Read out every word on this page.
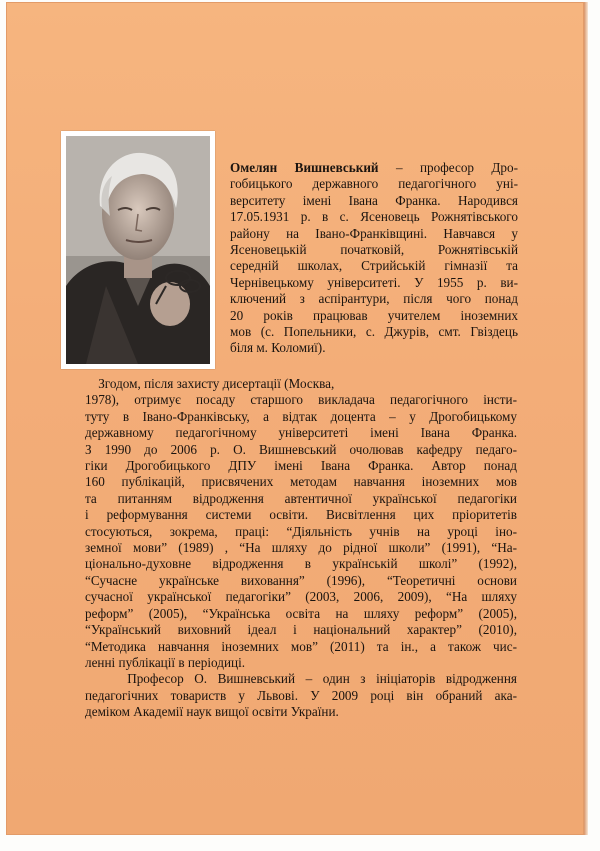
Омелян Вишневський – професор Дро-
гобицького державного педагогічного уні-
верситету імені Івана Франка. Народився
17.05.1931 р. в с. Ясеновець Рожнятівського
району на Івано-Франківщині. Навчався у
Ясеновецькій початковій, Рожнятівській
середній школах, Стрийській гімназії та
Чернівецькому університеті. У 1955 р. ви-
ключений з аспірантури, після чого понад
20 років працював учителем іноземних
мов (с. Попельники, с. Джурів, смт. Гвіздець
біля м. Коломиї).
Згодом, після захисту дисертації (Москва,
1978), отримує посаду старшого викладача педагогічного інсти-
туту в Івано-Франківську, а відтак доцента – у Дрогобицькому
державному педагогічному університеті імені Івана Франка.
З 1990 до 2006 р. О. Вишневський очолював кафедру педаго-
гіки Дрогобицького ДПУ імені Івана Франка. Автор понад
160 публікацій, присвячених методам навчання іноземних мов
та питанням відродження автентичної української педагогіки
і реформування системи освіти. Висвітлення цих пріоритетів
стосуються, зокрема, праці: “Діяльність учнів на уроці іно-
земної мови” (1989) , “На шляху до рідної школи” (1991), “На-
ціонально-духовне відродження в українській школі” (1992),
“Сучасне українське виховання” (1996), “Теоретичні основи
сучасної української педагогіки” (2003, 2006, 2009), “На шляху
реформ” (2005), “Українська освіта на шляху реформ” (2005),
“Український виховний ідеал і національний характер” (2010),
“Методика навчання іноземних мов” (2011) та ін., а також чис-
ленні публікації в періодиці.
Професор О. Вишневський – один з ініціаторів відродження
педагогічних товариств у Львові. У 2009 році він обраний ака-
деміком Академії наук вищої освіти України.
